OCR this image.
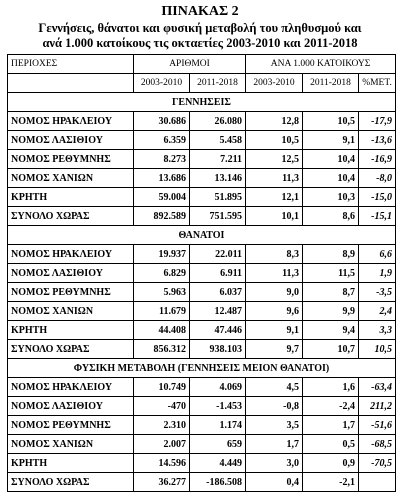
ΠΙΝΑΚΑΣ 2
Γεννήσεις, θάνατοι και φυσική μεταβολή του πληθυσμού και
ανά 1.000 κατοίκους τις οκταετίες 2003-2010 και 2011-2018
ΠΕΡΙΟΧΕΣ	ΑΡΙΘΜΟΙ		ΑΝΑ 1.000 ΚΑΤΟΙΚΟΥΣ		
	2003-2010	2011-2018	2003-2010	2011-2018	%ΜΕΤ.
ΓΕΝΝΗΣΕΙΣ					
ΝΟΜΟΣ ΗΡΑΚΛΕΙΟΥ	30.686	26.080	12,8	10,5	-17,9
ΝΟΜΟΣ ΛΑΣΙΘΙΟΥ	6.359	5.458	10,5	9,1	-13,6
ΝΟΜΟΣ ΡΕΘΥΜΝΗΣ	8.273	7.211	12,5	10,4	-16,9
ΝΟΜΟΣ ΧΑΝΙΩΝ	13.686	13.146	11,3	10,4	-8,0
ΚΡΗΤΗ	59.004	51.895	12,1	10,3	-15,0
ΣΥΝΟΛΟ ΧΩΡΑΣ	892.589	751.595	10,1	8,6	-15,1
ΘΑΝΑΤΟΙ					
ΝΟΜΟΣ ΗΡΑΚΛΕΙΟΥ	19.937	22.011	8,3	8,9	6,6
ΝΟΜΟΣ ΛΑΣΙΘΙΟΥ	6.829	6.911	11,3	11,5	1,9
ΝΟΜΟΣ ΡΕΘΥΜΝΗΣ	5.963	6.037	9,0	8,7	-3,5
ΝΟΜΟΣ ΧΑΝΙΩΝ	11.679	12.487	9,6	9,9	2,4
ΚΡΗΤΗ	44.408	47.446	9,1	9,4	3,3
ΣΥΝΟΛΟ ΧΩΡΑΣ	856.312	938.103	9,7	10,7	10,5
ΦΥΣΙΚΗ ΜΕΤΑΒΟΛΗ (ΓΕΝΝΗΣΕΙΣ ΜΕΙΟΝ ΘΑΝΑΤΟΙ)					
ΝΟΜΟΣ ΗΡΑΚΛΕΙΟΥ	10.749	4.069	4,5	1,6	-63,4
ΝΟΜΟΣ ΛΑΣΙΘΙΟΥ	-470	-1.453	-0,8	-2,4	211,2
ΝΟΜΟΣ ΡΕΘΥΜΝΗΣ	2.310	1.174	3,5	1,7	-51,6
ΝΟΜΟΣ ΧΑΝΙΩΝ	2.007	659	1,7	0,5	-68,5
ΚΡΗΤΗ	14.596	4.449	3,0	0,9	-70,5
ΣΥΝΟΛΟ ΧΩΡΑΣ	36.277	-186.508	0,4	-2,1	
